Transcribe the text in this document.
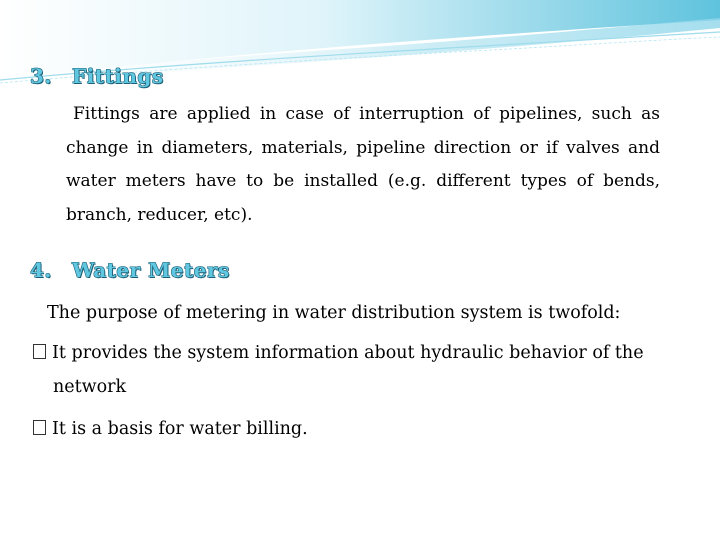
3. Fittings
Fittings are applied in case of interruption of pipelines, such as change in diameters, materials, pipeline direction or if valves and water meters have to be installed (e.g. different types of bends, branch, reducer, etc).
4. Water Meters
The purpose of metering in water distribution system is twofold:
It provides the system information about hydraulic behavior of the
network
It is a basis for water billing.
